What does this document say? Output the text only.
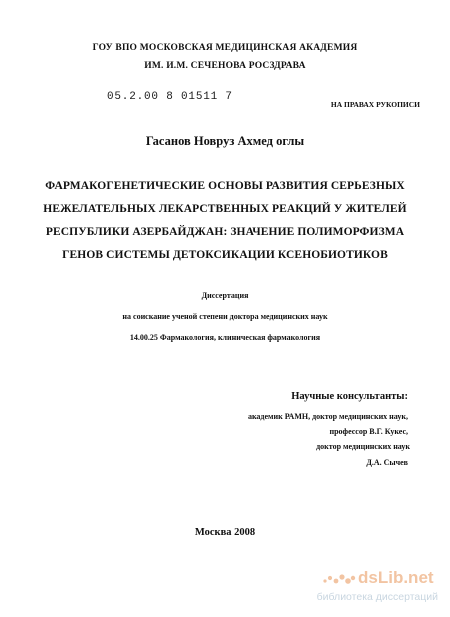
ГОУ ВПО МОСКОВСКАЯ МЕДИЦИНСКАЯ АКАДЕМИЯ
ИМ. И.М. СЕЧЕНОВА РОСЗДРАВА
05.2.00 8 01511 7
НА ПРАВАХ РУКОПИСИ
Гасанов Новруз Ахмед оглы
ФАРМАКОГЕНЕТИЧЕСКИЕ ОСНОВЫ РАЗВИТИЯ СЕРЬЕЗНЫХ
НЕЖЕЛАТЕЛЬНЫХ ЛЕКАРСТВЕННЫХ РЕАКЦИЙ У ЖИТЕЛЕЙ
РЕСПУБЛИКИ АЗЕРБАЙДЖАН: ЗНАЧЕНИЕ ПОЛИМОРФИЗМА
ГЕНОВ СИСТЕМЫ ДЕТОКСИКАЦИИ КСЕНОБИОТИКОВ
Диссертация
на соискание ученой степени доктора медицинских наук
14.00.25 Фармакология, клиническая фармакология
Научные консультанты:
академик РАМН, доктор медицинских наук,
профессор В.Г. Кукес,
доктор медицинских наук
Д.А. Сычев
Москва 2008
dsLib.net
библиотека диссертаций
